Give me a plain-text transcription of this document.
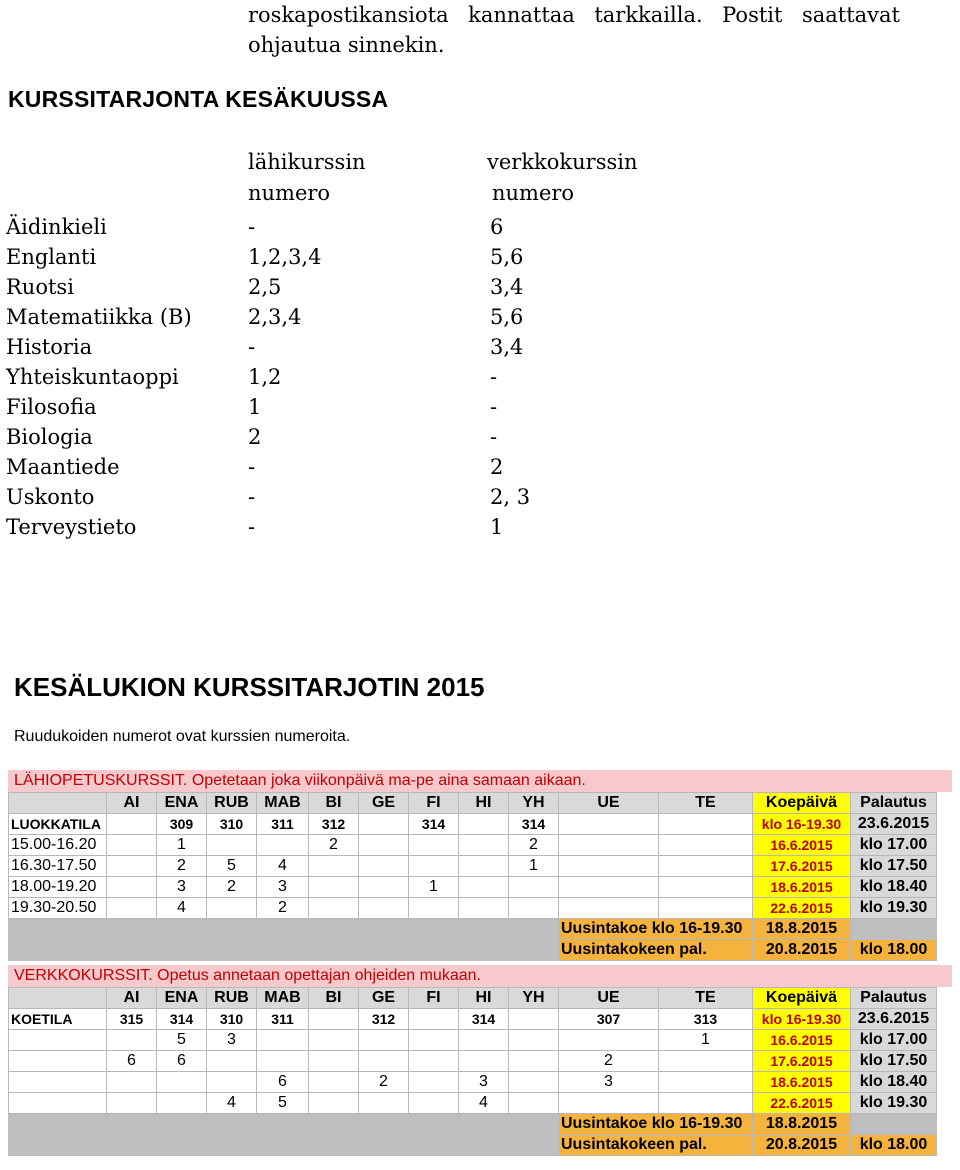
roskapostikansiota kannattaa tarkkailla. Postit saattavat
ohjautua sinnekin.
KURSSITARJONTA KESÄKUUSSA
lähikurssin
numero
verkkokurssin
numero
Äidinkieli	-	6
Englanti	1,2,3,4	5,6
Ruotsi	2,5	3,4
Matematiikka (B)	2,3,4	5,6
Historia	-	3,4
Yhteiskuntaoppi	1,2	-
Filosofia	1	-
Biologia	2	-
Maantiede	-	2
Uskonto	-	2, 3
Terveystieto	-	1
KESÄLUKION KURSSITARJOTIN 2015
Ruudukoiden numerot ovat kurssien numeroita.
LÄHIOPETUSKURSSIT. Opetetaan joka viikonpäivä ma-pe aina samaan aikaan.
	AI	ENA	RUB	MAB	BI	GE	FI	HI	YH	UE	TE	Koepäivä	Palautus
LUOKKATILA		309	310	311	312		314		314			klo 16-19.30	23.6.2015
15.00-16.20		1			2				2			16.6.2015	klo 17.00
16.30-17.50		2	5	4					1			17.6.2015	klo 17.50
18.00-19.20		3	2	3			1					18.6.2015	klo 18.40
19.30-20.50		4		2								22.6.2015	klo 19.30
										Uusintakoe klo 16-19.30		18.8.2015	
										Uusintakokeen pal.		20.8.2015	klo 18.00
VERKKOKURSSIT. Opetus annetaan opettajan ohjeiden mukaan.
	AI	ENA	RUB	MAB	BI	GE	FI	HI	YH	UE	TE	Koepäivä	Palautus
KOETILA	315	314	310	311		312		314		307	313	klo 16-19.30	23.6.2015
		5	3								1	16.6.2015	klo 17.00
	6	6								2		17.6.2015	klo 17.50
				6		2		3		3		18.6.2015	klo 18.40
			4	5				4				22.6.2015	klo 19.30
										Uusintakoe klo 16-19.30		18.8.2015	
										Uusintakokeen pal.		20.8.2015	klo 18.00
